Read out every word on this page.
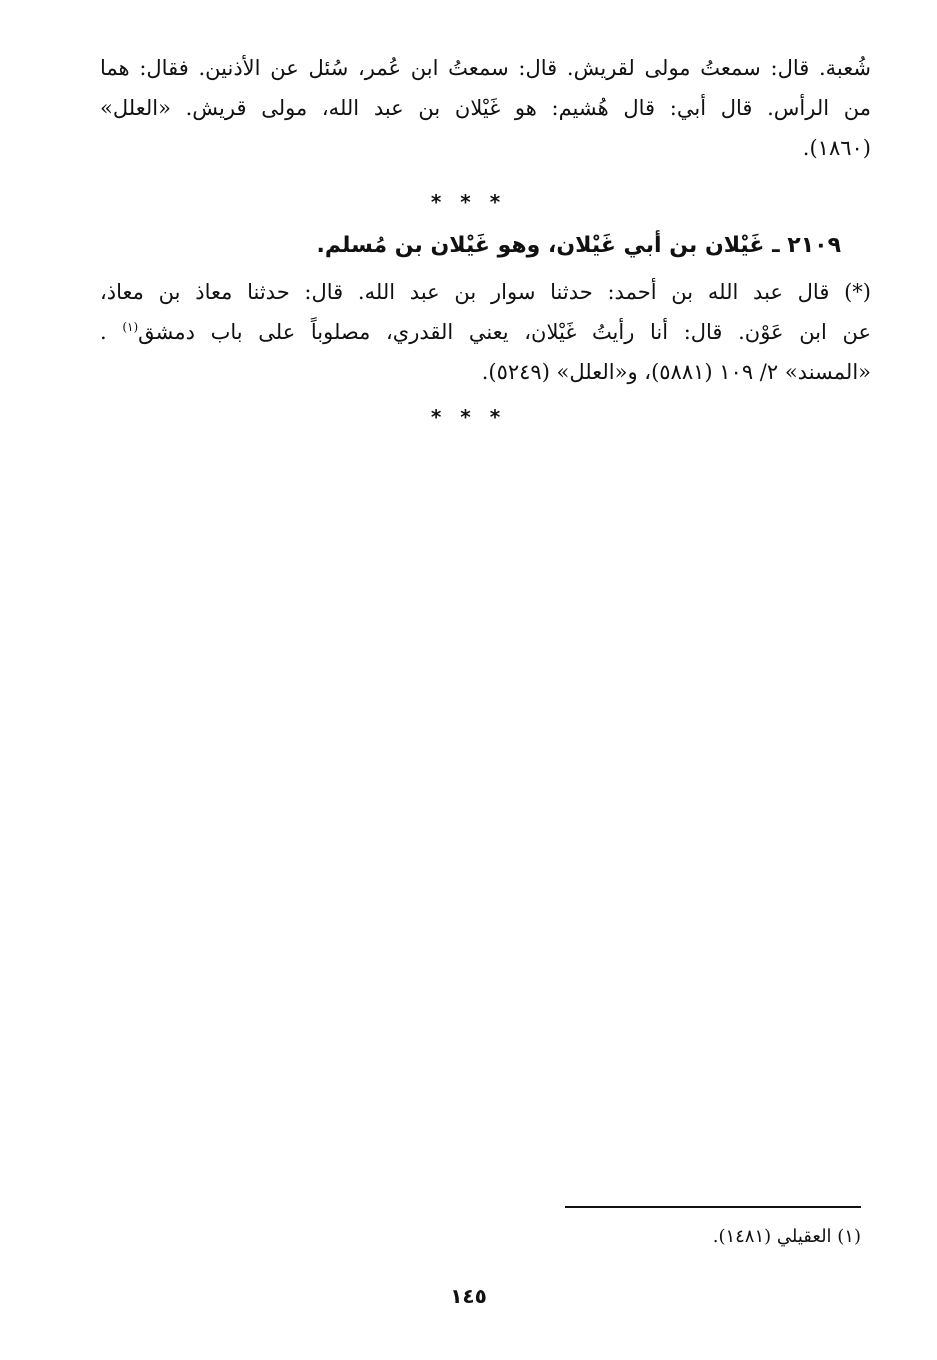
شُعبة. قال: سمعتُ مولى لقريش. قال: سمعتُ ابن عُمر، سُئل عن الأذنين. فقال: هما
من الرأس. قال أبي: قال هُشيم: هو غَيْلان بن عبد الله، مولى قريش. «العلل»
(١٨٦٠).
* * *
٢١٠٩ ـ غَيْلان بن أبي غَيْلان، وهو غَيْلان بن مُسلم.
(*) قال عبد الله بن أحمد: حدثنا سوار بن عبد الله. قال: حدثنا معاذ بن معاذ،
عن ابن عَوْن. قال: أنا رأيتُ غَيْلان، يعني القدري، مصلوباً على باب دمشق$^{(١)}$ .
«المسند» ٢/ ١٠٩ (٥٨٨١)، و«العلل» (٥٢٤٩).
* * *
(١) العقيلي (١٤٨١).
١٤٥
